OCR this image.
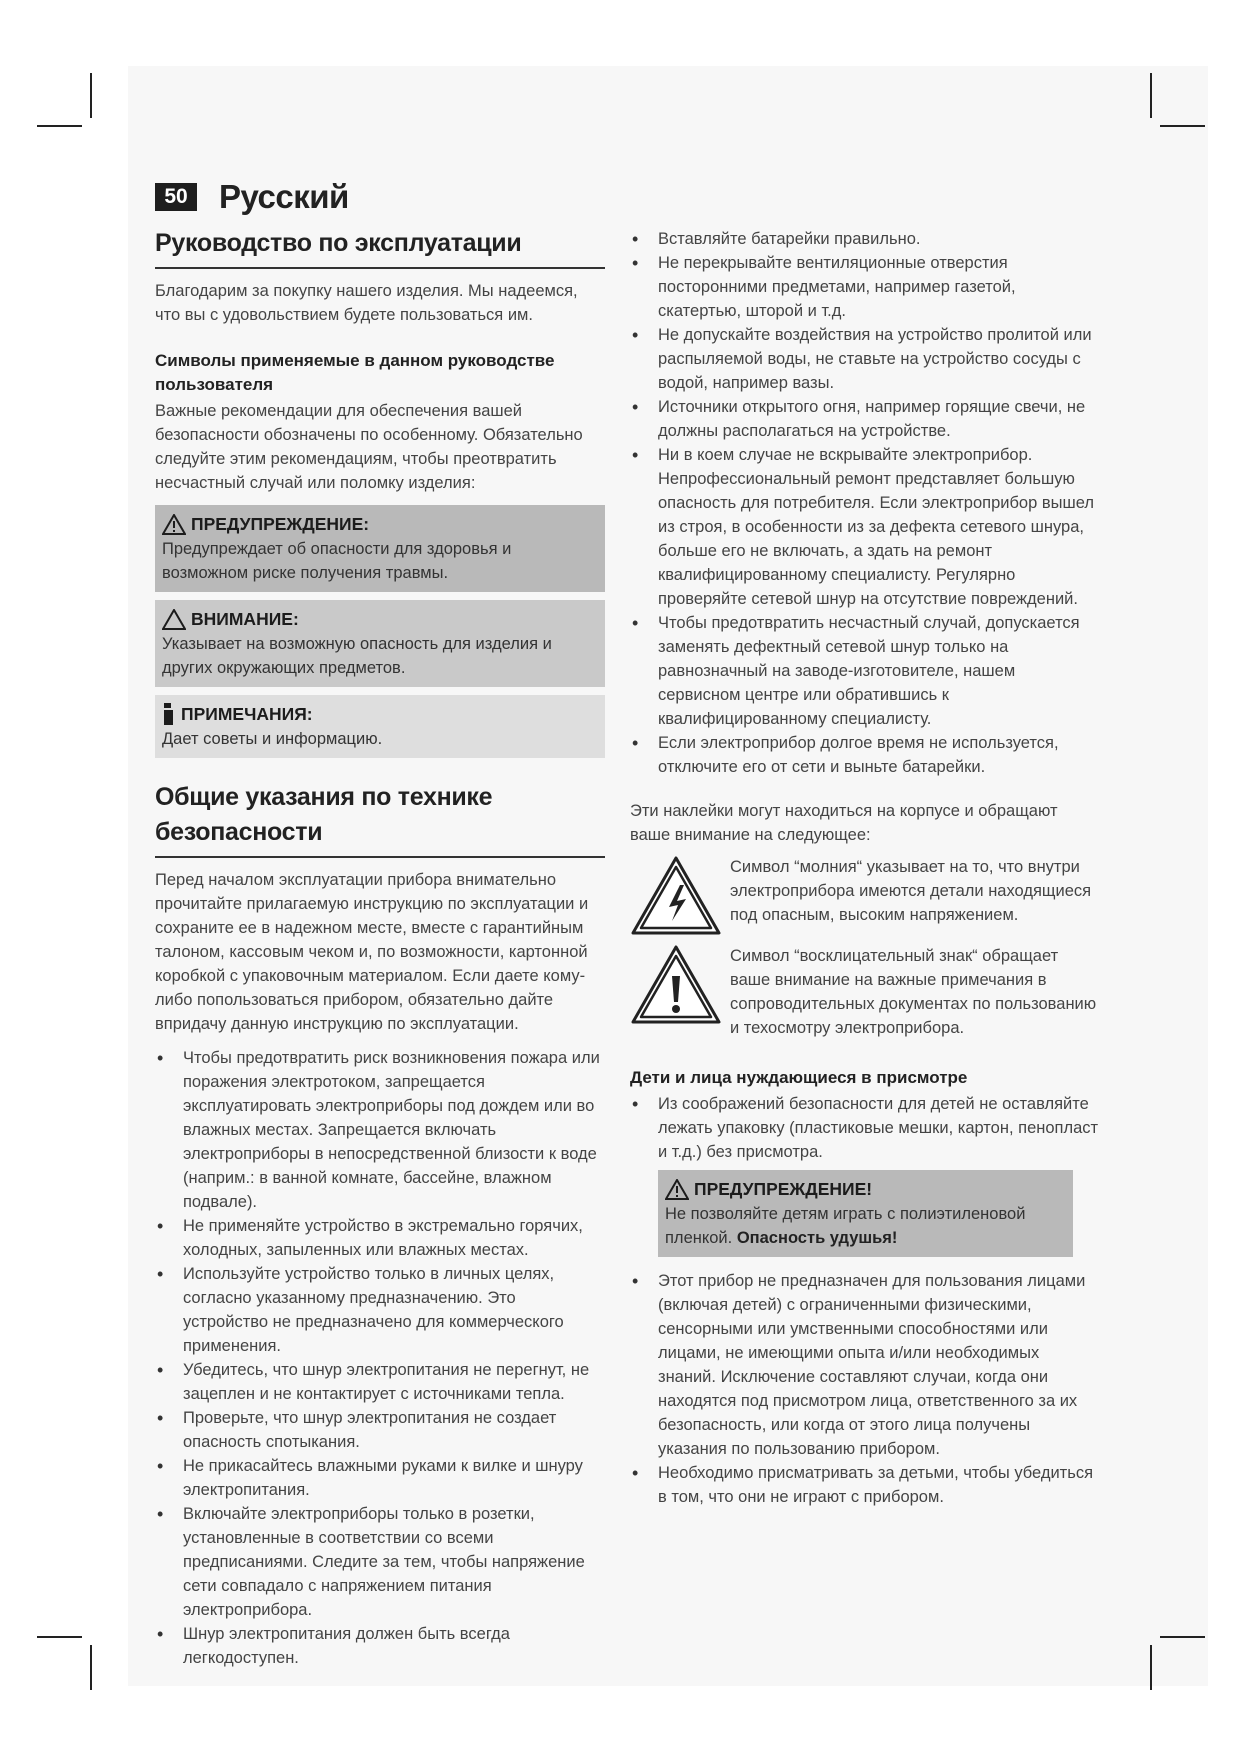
50 Русский
Руководство по эксплуатации

Благодарим за покупку нашего изделия. Мы надеемся, что вы с удовольствием будете пользоваться им.

Символы применяемые в данном руководстве пользователя

Важные рекомендации для обеспечения вашей безопасности обозначены по особенному. Обязательно следуйте этим рекомендациям, чтобы преотвратить несчастный случай или поломку изделия:

ПРЕДУПРЕЖДЕНИЕ:

Предупреждает об опасности для здоровья и возможном риске получения травмы.

ВНИМАНИЕ:

Указывает на возможную опасность для изделия и других окружающих предметов.

ПРИМЕЧАНИЯ:

Дает советы и информацию.

Общие указания по технике безопасности

Перед началом эксплуатации прибора внимательно прочитайте прилагаемую инструкцию по эксплуатации и сохраните ее в надежном месте, вместе с гарантийным талоном, кассовым чеком и, по возможности, картонной коробкой с упаковочным материалом. Если даете кому-либо попользоваться прибором, обязательно дайте впридачу данную инструкцию по эксплуатации.

• Чтобы предотвратить риск возникновения пожара или поражения электротоком, запрещается эксплуатировать электроприборы под дождем или во влажных местах. Запрещается включать электроприборы в непосредственной близости к воде (наприм.: в ванной комнате, бассейне, влажном подвале).
• Не применяйте устройство в экстремально горячих, холодных, запыленных или влажных местах.
• Используйте устройство только в личных целях, согласно указанному предназначению. Это устройство не предназначено для коммерческого применения.
• Убедитесь, что шнур электропитания не перегнут, не зацеплен и не контактирует с источниками тепла.
• Проверьте, что шнур электропитания не создает опасность спотыкания.
• Не прикасайтесь влажными руками к вилке и шнуру электропитания.
• Включайте электроприборы только в розетки, установленные в соответствии со всеми предписаниями. Следите за тем, чтобы напряжение сети совпадало с напряжением питания электроприбора.
• Шнур электропитания должен быть всегда легкодоступен.
• Вставляйте батарейки правильно.
• Не перекрывайте вентиляционные отверстия посторонними предметами, например газетой, скатертью, шторой и т.д.
• Не допускайте воздействия на устройство пролитой или распыляемой воды, не ставьте на устройство сосуды с водой, например вазы.
• Источники открытого огня, например горящие свечи, не должны располагаться на устройстве.
• Ни в коем случае не вскрывайте электроприбор. Непрофессиональный ремонт представляет большую опасность для потребителя. Если электроприбор вышел из строя, в особенности из за дефекта сетевого шнура, больше его не включать, а здать на ремонт квалифицированному специалисту. Регулярно проверяйте сетевой шнур на отсутствие повреждений.
• Чтобы предотвратить несчастный случай, допускается заменять дефектный сетевой шнур только на равнозначный на заводе-изготовителе, нашем сервисном центре или обратившись к квалифицированному специалисту.
• Если электроприбор долгое время не используется, отключите его от сети и выньте батарейки.

Эти наклейки могут находиться на корпусе и обращают ваше внимание на следующее:

Символ “молния“ указывает на то, что внутри электроприбора имеются детали находящиеся под опасным, высоким напряжением.

Символ “восклицательный знак“ обращает ваше внимание на важные примечания в сопроводительных документах по пользованию и техосмотру электроприбора.

Дети и лица нуждающиеся в присмотре
• Из соображений безопасности для детей не оставляйте лежать упаковку (пластиковые мешки, картон, пенопласт и т.д.) без присмотра.
ПРЕДУПРЕЖДЕНИЕ!

Не позволяйте детям играть с полиэтиленовой пленкой. Опасность удушья!

• Этот прибор не предназначен для пользования лицами (включая детей) с ограниченными физическими, сенсорными или умственными способностями или лицами, не имеющими опыта и/или необходимых знаний. Исключение составляют случаи, когда они находятся под присмотром лица, ответственного за их безопасность, или когда от этого лица получены указания по пользованию прибором.
• Необходимо присматривать за детьми, чтобы убедиться в том, что они не играют с прибором.
